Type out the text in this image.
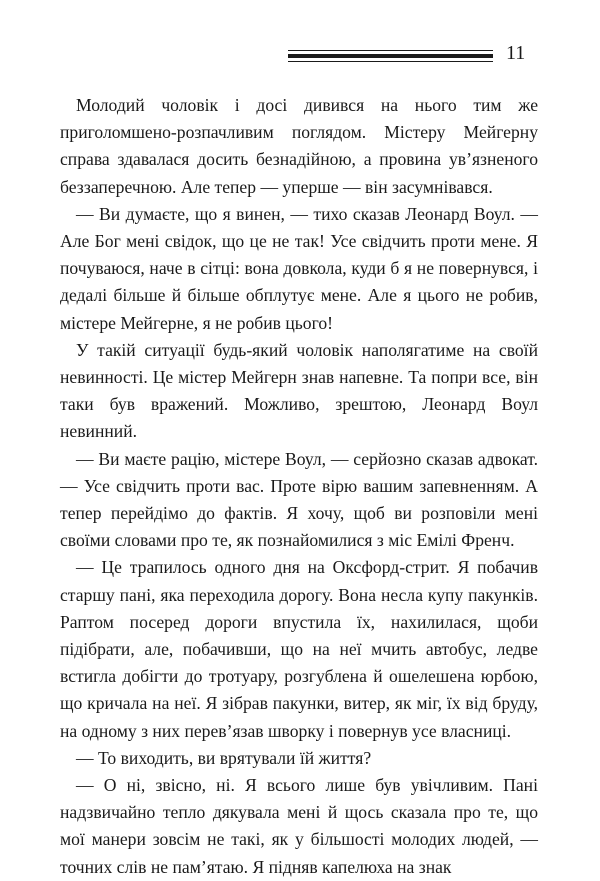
11

Молодий чоловік і досі дивився на нього тим же приголомшено-розпачливим поглядом. Містеру Мейгерну справа здавалася досить безнадійною, а провина ув’язненого беззаперечною. Але тепер — уперше — він засумнівався.

— Ви думаєте, що я винен, — тихо сказав Леонард Воул. — Але Бог мені свідок, що це не так! Усе свідчить проти мене. Я почуваюся, наче в сітці: вона довкола, куди б я не повернувся, і дедалі більше й більше обплутує мене. Але я цього не робив, містере Мейгерне, я не робив цього!

У такій ситуації будь-який чоловік наполягатиме на своїй невинності. Це містер Мейгерн знав напевне. Та попри все, він таки був вражений. Можливо, зрештою, Леонард Воул невинний.

— Ви маєте рацію, містере Воул, — серйозно сказав адвокат. — Усе свідчить проти вас. Проте вірю вашим запевненням. А тепер перейдімо до фактів. Я хочу, щоб ви розповіли мені своїми словами про те, як познайомилися з міс Емілі Френч.

— Це трапилось одного дня на Оксфорд-стрит. Я побачив старшу пані, яка переходила дорогу. Вона несла купу пакунків. Раптом посеред дороги впустила їх, нахилилася, щоби підібрати, але, побачивши, що на неї мчить автобус, ледве встигла добігти до тротуару, розгублена й ошелешена юрбою, що кричала на неї. Я зібрав пакунки, витер, як міг, їх від бруду, на одному з них перев’язав шворку і повернув усе власниці.

— То виходить, ви врятували їй життя?

— О ні, звісно, ні. Я всього лише був увічливим. Пані надзвичайно тепло дякувала мені й щось сказала про те, що мої манери зовсім не такі, як у більшості молодих людей, — точних слів не пам’ятаю. Я підняв капелюха на знак
